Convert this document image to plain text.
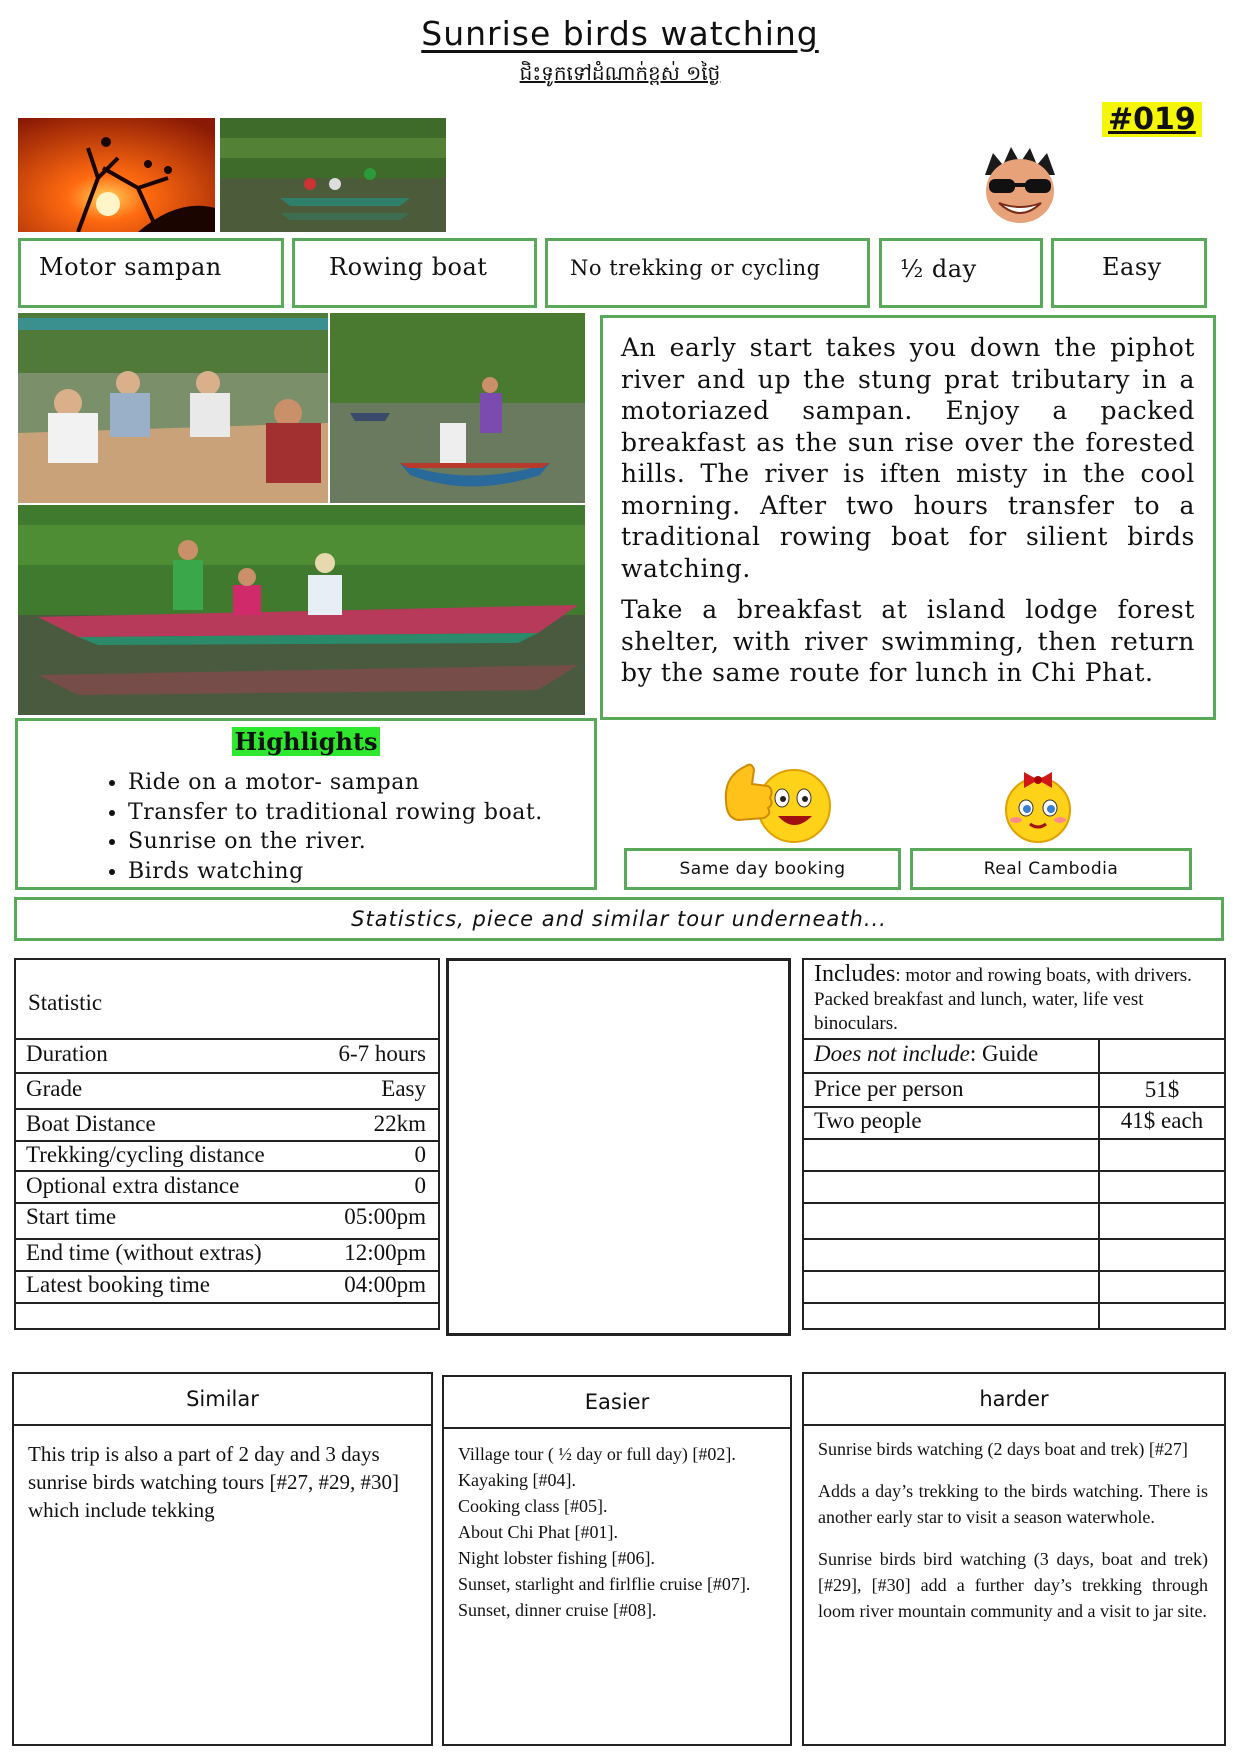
Sunrise birds watching
ជិះទូកទៅដំណាក់ខ្ពស់ ១ថ្ងៃ
#019
Motor sampan	Rowing boat	No trekking or cycling	½ day	Easy

An early start takes you down the piphot river and up the stung prat tributary in a motoriazed sampan. Enjoy a packed breakfast as the sun rise over the forested hills. The river is iften misty in the cool morning. After two hours transfer to a traditional rowing boat for silient birds watching.

Take a breakfast at island lodge forest shelter, with river swimming, then return by the same route for lunch in Chi Phat.

Highlights
• Ride on a motor- sampan
• Transfer to traditional rowing boat.
• Sunrise on the river.
• Birds watching	Same day booking	Real Cambodia
Statistics, piece and similar tour underneath...
Statistic
Duration	6-7 hours
Grade	Easy
Boat Distance	22km
Trekking/cycling distance	0
Optional extra distance	0
Start time	05:00pm
End time (without extras)	12:00pm
Latest booking time	04:00pm
Includes: motor and rowing boats, with drivers. Packed breakfast and lunch, water, life vest binoculars.
Does not include: Guide
Price per person	51$
Two people	41$ each
Similar
This trip is also a part of 2 day and 3 days sunrise birds watching tours [#27, #29, #30] which include tekking
Easier
Village tour ( ½ day or full day) [#02].
Kayaking [#04].
Cooking class [#05].
About Chi Phat [#01].
Night lobster fishing [#06].
Sunset, starlight and firlflie cruise [#07].
Sunset, dinner cruise [#08].
harder

Sunrise birds watching (2 days boat and trek) [#27]

Adds a day’s trekking to the birds watching. There is another early star to visit a season waterwhole.

Sunrise birds bird watching (3 days, boat and trek) [#29], [#30] add a further day’s trekking through loom river mountain community and a visit to jar site.
